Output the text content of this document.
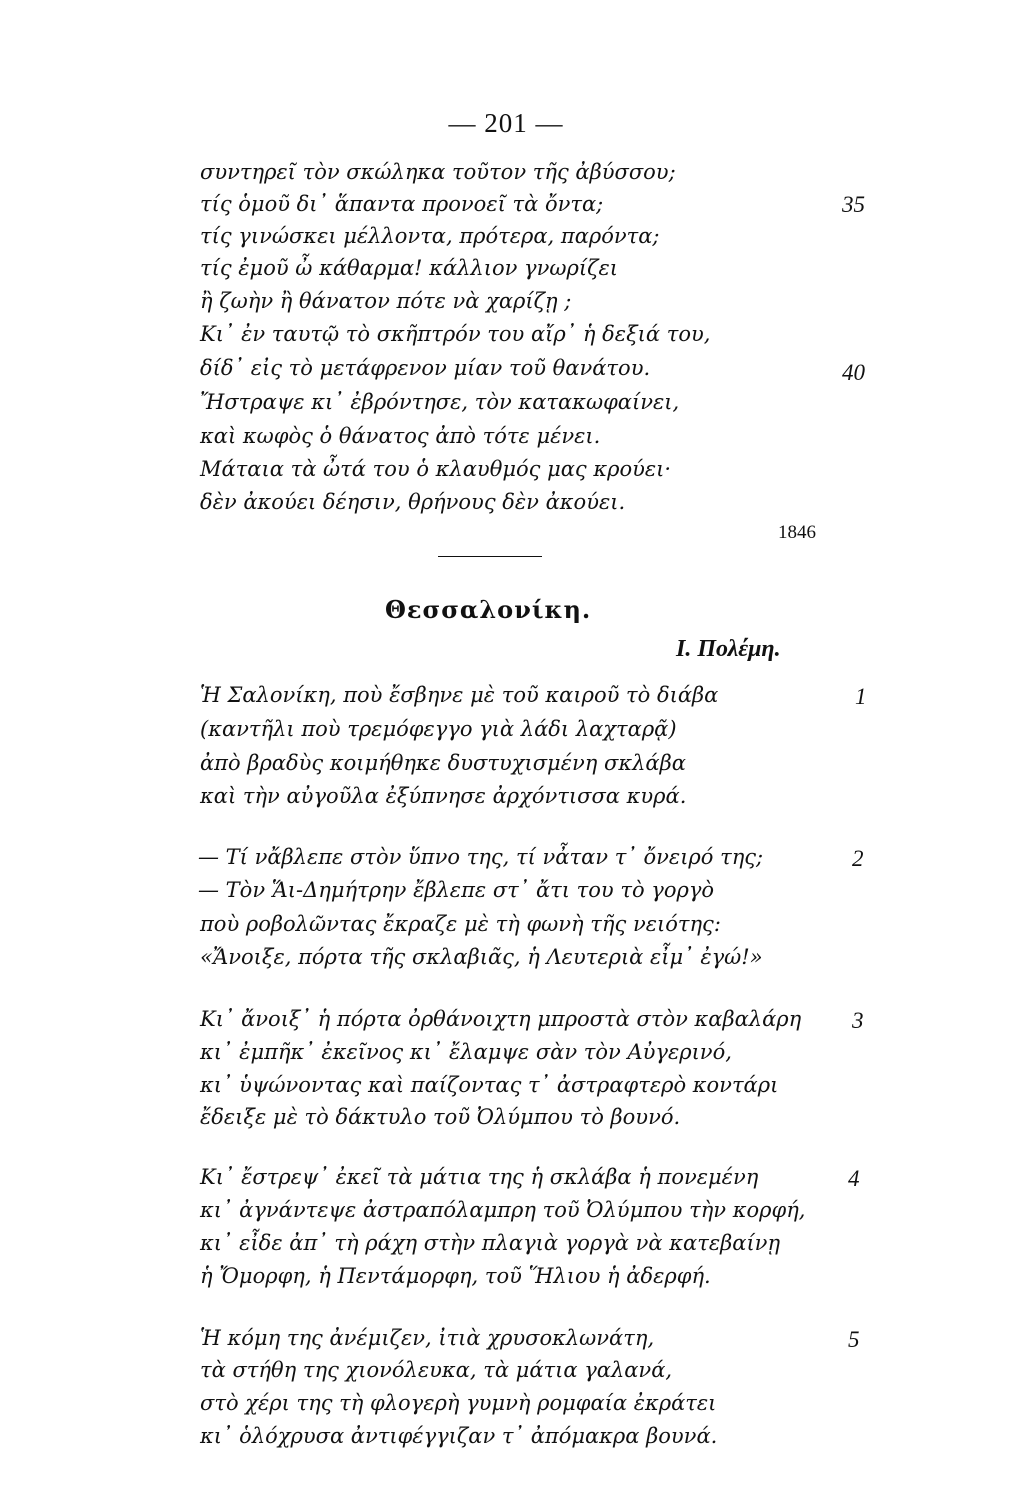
— 201 —
συντηρεῖ τὸν σκώληκα τοῦτον τῆς ἀβύσσου;
τίς ὁμοῦ δι᾽ ἅπαντα προνοεῖ τὰ ὄντα;
τίς γινώσκει μέλλοντα, πρότερα, παρόντα;
τίς ἐμοῦ ὦ κάθαρμα! κάλλιον γνωρίζει
ἢ ζωὴν ἢ θάνατον πότε νὰ χαρίζῃ ;
Κι᾽ ἐν ταυτῷ τὸ σκῆπτρόν του αἴρ᾽ ἡ δεξιά του,
δίδ᾽ εἰς τὸ μετάφρενον μίαν τοῦ θανάτου.
Ἤστραψε κι᾽ ἐβρόντησε, τὸν κατακωφαίνει,
καὶ κωφὸς ὁ θάνατος ἀπὸ τότε μένει.
Μάταια τὰ ὦτά του ὁ κλαυθμός μας κρούει·
δὲν ἀκούει δέησιν, θρήνους δὲν ἀκούει.
35
40
1846
Θεσσαλονίκη.
Ι. Πολέμη.
Ἡ Σαλονίκη, ποὺ ἔσβηνε μὲ τοῦ καιροῦ τὸ διάβα
(καντῆλι ποὺ τρεμόφεγγο γιὰ λάδι λαχταρᾷ)
ἀπὸ βραδὺς κοιμήθηκε δυστυχισμένη σκλάβα
καὶ τὴν αὐγοῦλα ἐξύπνησε ἀρχόντισσα κυρά.
1
— Τί νἄβλεπε στὸν ὕπνο της, τί νἆταν τ᾽ ὄνειρό της;
— Τὸν Ἅι-Δημήτρην ἔβλεπε στ᾽ ἄτι του τὸ γοργὸ
ποὺ ροβολῶντας ἔκραζε μὲ τὴ φωνὴ τῆς νειότης:
«Ἄνοιξε, πόρτα τῆς σκλαβιᾶς, ἡ Λευτεριὰ εἶμ᾽ ἐγώ!»
2
Κι᾽ ἄνοιξ᾽ ἡ πόρτα ὀρθάνοιχτη μπροστὰ στὸν καβαλάρη
κι᾽ ἐμπῆκ᾽ ἐκεῖνος κι᾽ ἔλαμψε σὰν τὸν Αὐγερινό,
κι᾽ ὑψώνοντας καὶ παίζοντας τ᾽ ἀστραφτερὸ κοντάρι
ἔδειξε μὲ τὸ δάκτυλο τοῦ Ὀλύμπου τὸ βουνό.
3
Κι᾽ ἔστρεψ᾽ ἐκεῖ τὰ μάτια της ἡ σκλάβα ἡ πονεμένη
κι᾽ ἀγνάντεψε ἀστραπόλαμπρη τοῦ Ὀλύμπου τὴν κορφή,
κι᾽ εἶδε ἀπ᾽ τὴ ράχη στὴν πλαγιὰ γοργὰ νὰ κατεβαίνῃ
ἡ Ὄμορφη, ἡ Πεντάμορφη, τοῦ Ἥλιου ἡ ἀδερφή.
4
Ἡ κόμη της ἀνέμιζεν, ἰτιὰ χρυσοκλωνάτη,
τὰ στήθη της χιονόλευκα, τὰ μάτια γαλανά,
στὸ χέρι της τὴ φλογερὴ γυμνὴ ρομφαία ἐκράτει
κι᾽ ὁλόχρυσα ἀντιφέγγιζαν τ᾽ ἀπόμακρα βουνά.
5
